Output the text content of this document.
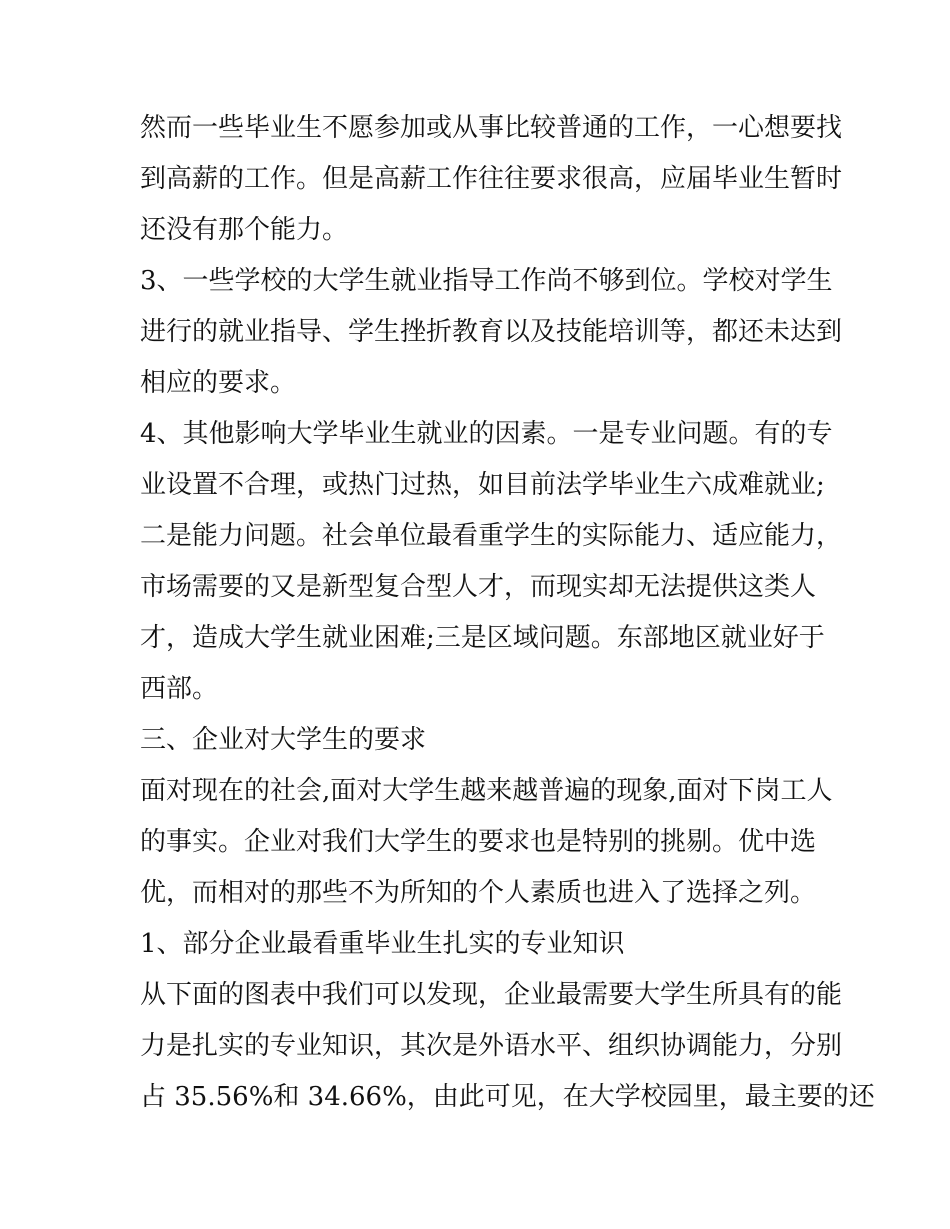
然而一些毕业生不愿参加或从事比较普通的工作，一心想要找
到高薪的工作。但是高薪工作往往要求很高，应届毕业生暂时
还没有那个能力。
3、一些学校的大学生就业指导工作尚不够到位。学校对学生
进行的就业指导、学生挫折教育以及技能培训等，都还未达到
相应的要求。
4、其他影响大学毕业生就业的因素。一是专业问题。有的专
业设置不合理，或热门过热，如目前法学毕业生六成难就业;
二是能力问题。社会单位最看重学生的实际能力、适应能力，
市场需要的又是新型复合型人才，而现实却无法提供这类人
才，造成大学生就业困难;三是区域问题。东部地区就业好于
西部。
三、企业对大学生的要求
面对现在的社会,面对大学生越来越普遍的现象,面对下岗工人
的事实。企业对我们大学生的要求也是特别的挑剔。优中选
优，而相对的那些不为所知的个人素质也进入了选择之列。
1、部分企业最看重毕业生扎实的专业知识
从下面的图表中我们可以发现，企业最需要大学生所具有的能
力是扎实的专业知识，其次是外语水平、组织协调能力，分别
占 35.56%和 34.66%，由此可见，在大学校园里，最主要的还
